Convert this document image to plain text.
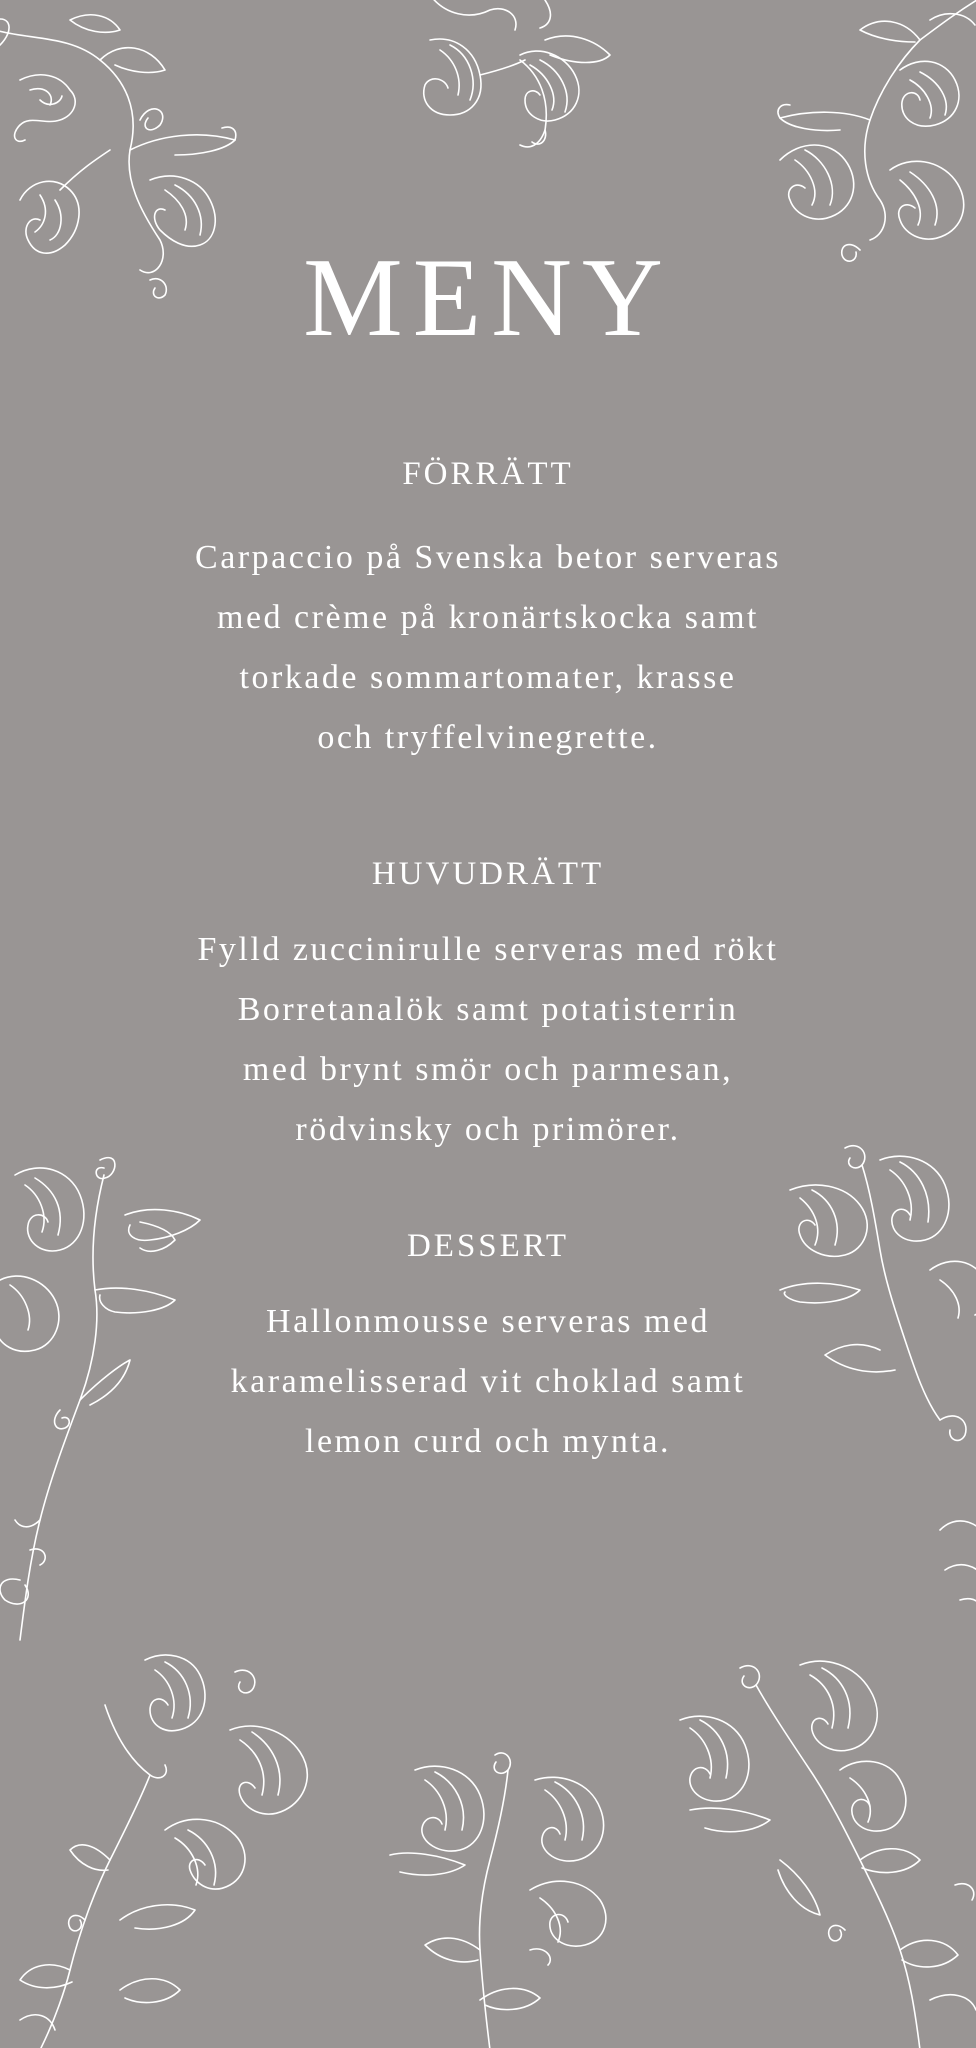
MENY
FÖRRÄTT

Carpaccio på Svenska betor serveras
med crème på kronärtskocka samt
torkade sommartomater, krasse
och tryffelvinegrette.

HUVUDRÄTT

Fylld zuccinirulle serveras med rökt
Borretanalök samt potatisterrin
med brynt smör och parmesan,
rödvinsky och primörer.

DESSERT

Hallonmousse serveras med
karamelisserad vit choklad samt
lemon curd och mynta.
